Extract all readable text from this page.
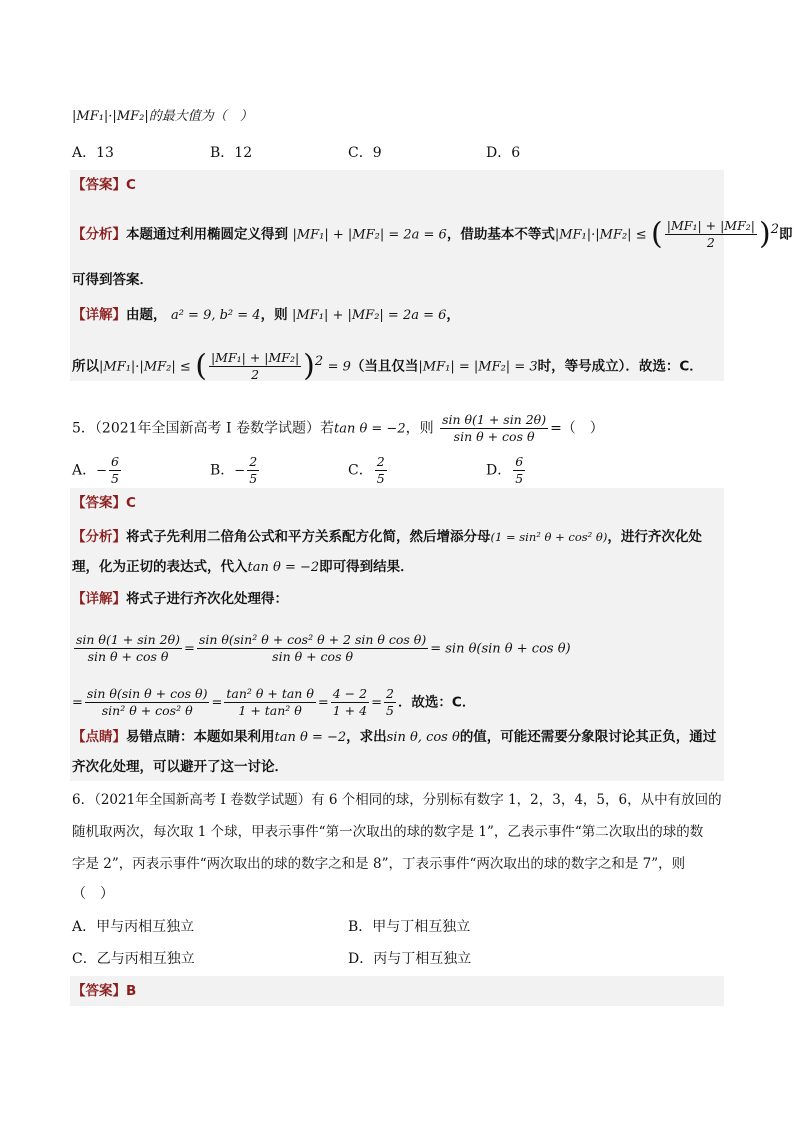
|MF₁|·|MF₂|的最大值为（　）
A．13	B．12	C．9	D．6
【答案】C
【分析】本题通过利用椭圆定义得到 |MF₁| + |MF₂| = 2a = 6，借助基本不等式|MF₁|·|MF₂| ≤ ( $\frac{\text{|MF₁| + |MF₂|}}{2} )^2$即
可得到答案．
【详解】由题， a² = 9, b² = 4，则 |MF₁| + |MF₂| = 2a = 6，
所以|MF₁|·|MF₂| ≤ ( $\frac{\text{|MF₁| + |MF₂|}}{2} )^2 = 9$（当且仅当|MF₁| = |MF₂| = 3时，等号成立）．故选：C．
5．（2021年全国新高考 I 卷数学试题）若tan θ = −2，则 $\frac{\text{sin θ(1 + sin 2θ)}}{\text{sin θ + cos θ}}$ =（　）
A．− $\frac{6}{5}$	B．− $\frac{2}{5}$	C． $\frac{2}{5}$	D． $\frac{6}{5}$
【答案】C
【分析】将式子先利用二倍角公式和平方关系配方化简，然后增添分母(1 = sin² θ + cos² θ)，进行齐次化处
理，化为正切的表达式，代入tan θ = −2即可得到结果．
【详解】将式子进行齐次化处理得：
$\frac{\text{sin θ(1 + sin 2θ)}}{\text{sin θ + cos θ}} = \frac{\text{sin θ(sin² θ + cos² θ + 2 sin θ cos θ)}}{\text{sin θ + cos θ}} = \sin \theta(\sin$ θ + cos θ)
= $\frac{\text{sin θ(sin θ + cos θ)}}{\text{sin² θ + cos² θ}} = \frac{\text{tan² θ + tan θ}}{\text{1 + tan² θ}} = \frac{4 - 2}{1 + 4} = \frac{2}{5}$ ．故选：C．
【点睛】易错点睛：本题如果利用tan θ = −2，求出sin θ, cos θ的值，可能还需要分象限讨论其正负，通过
齐次化处理，可以避开了这一讨论．
6．（2021年全国新高考 I 卷数学试题）有 6 个相同的球，分别标有数字 1，2，3，4，5，6，从中有放回的
随机取两次，每次取 1 个球，甲表示事件“第一次取出的球的数字是 1”，乙表示事件“第二次取出的球的数
字是 2”，丙表示事件“两次取出的球的数字之和是 8”，丁表示事件“两次取出的球的数字之和是 7”，则
（　）
A．甲与丙相互独立	B．甲与丁相互独立
C．乙与丙相互独立	D．丙与丁相互独立
【答案】B
